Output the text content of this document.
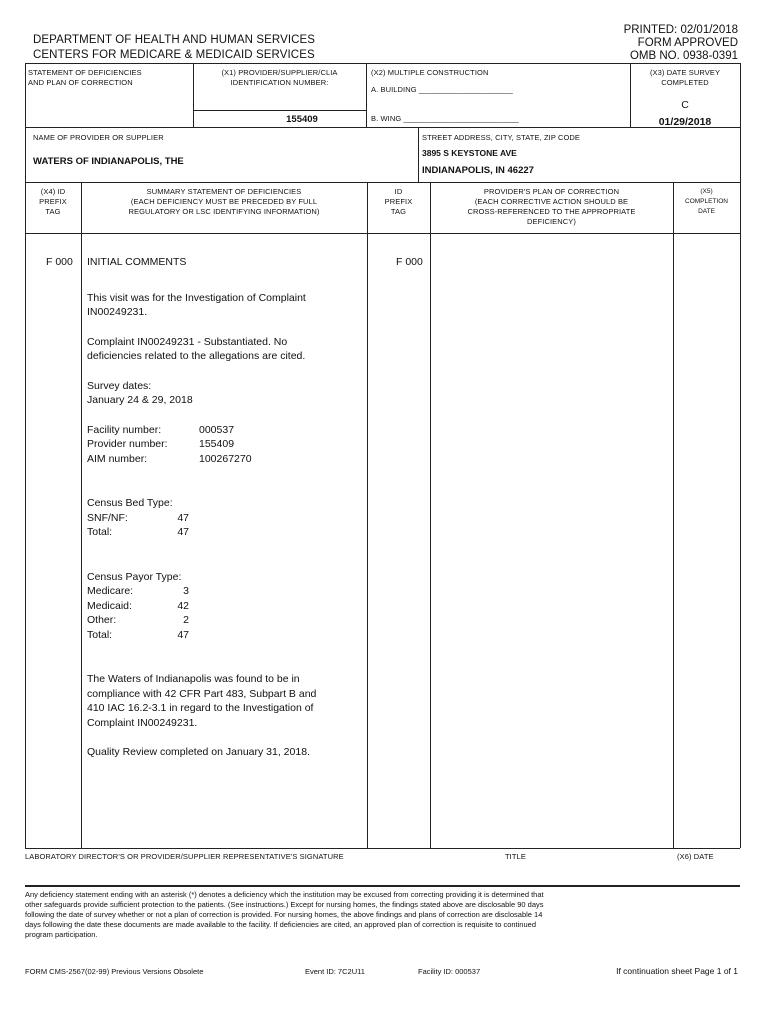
DEPARTMENT OF HEALTH AND HUMAN SERVICES
CENTERS FOR MEDICARE & MEDICAID SERVICES
PRINTED: 02/01/2018
FORM APPROVED
OMB NO. 0938-0391
STATEMENT OF DEFICIENCIES
AND PLAN OF CORRECTION
(X1) PROVIDER/SUPPLIER/CLIA
IDENTIFICATION NUMBER:
155409
(X2) MULTIPLE CONSTRUCTION
A. BUILDING ______________________
B. WING ___________________________
(X3) DATE SURVEY
COMPLETED
C
01/29/2018
NAME OF PROVIDER OR SUPPLIER
WATERS OF INDIANAPOLIS, THE
STREET ADDRESS, CITY, STATE, ZIP CODE
3895 S KEYSTONE AVE
INDIANAPOLIS, IN 46227
(X4) ID
PREFIX
TAG
SUMMARY STATEMENT OF DEFICIENCIES
(EACH DEFICIENCY MUST BE PRECEDED BY FULL
REGULATORY OR LSC IDENTIFYING INFORMATION)
ID
PREFIX
TAG
PROVIDER'S PLAN OF CORRECTION
(EACH CORRECTIVE ACTION SHOULD BE
CROSS-REFERENCED TO THE APPROPRIATE
DEFICIENCY)
(X5)
COMPLETION
DATE
F 000	F 000
INITIAL COMMENTS
This visit was for the Investigation of Complaint
IN00249231.
Complaint IN00249231 - Substantiated. No
deficiencies related to the allegations are cited.
Survey dates:
January 24 & 29, 2018
Facility number:	000537
Provider number:	155409
AIM number:	100267270
Census Bed Type:
SNF/NF:	47
Total:	47
Census Payor Type:
Medicare:	3
Medicaid:	42
Other:	2
Total:	47
The Waters of Indianapolis was found to be in
compliance with 42 CFR Part 483, Subpart B and
410 IAC 16.2-3.1 in regard to the Investigation of
Complaint IN00249231.
Quality Review completed on January 31, 2018.
LABORATORY DIRECTOR'S OR PROVIDER/SUPPLIER REPRESENTATIVE'S SIGNATURE	TITLE	(X6) DATE
Any deficiency statement ending with an asterisk (*) denotes a deficiency which the institution may be excused from correcting providing it is determined that
other safeguards provide sufficient protection to the patients. (See instructions.) Except for nursing homes, the findings stated above are disclosable 90 days
following the date of survey whether or not a plan of correction is provided. For nursing homes, the above findings and plans of correction are disclosable 14
days following the date these documents are made available to the facility. If deficiencies are cited, an approved plan of correction is requisite to continued
program participation.
FORM CMS-2567(02-99) Previous Versions Obsolete	Event ID: 7C2U11	Facility ID: 000537	If continuation sheet Page 1 of 1
